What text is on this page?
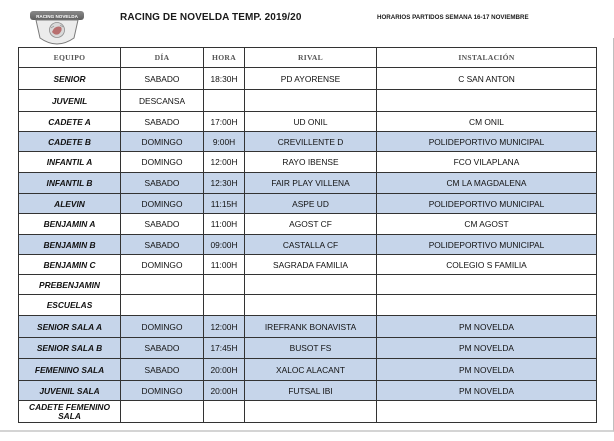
RACING NOVELDA	RACING DE NOVELDA TEMP. 2019/20	HORARIOS PARTIDOS SEMANA 16-17 NOVIEMBRE
EQUIPO	DÍA	HORA	RIVAL	INSTALACIÓN
SENIOR	SABADO	18:30H	PD AYORENSE	C SAN ANTON
JUVENIL	DESCANSA			
CADETE A	SABADO	17:00H	UD ONIL	CM ONIL
CADETE B	DOMINGO	9:00H	CREVILLENTE D	POLIDEPORTIVO MUNICIPAL
INFANTIL A	DOMINGO	12:00H	RAYO IBENSE	FCO VILAPLANA
INFANTIL B	SABADO	12:30H	FAIR PLAY VILLENA	CM LA MAGDALENA
ALEVIN	DOMINGO	11:15H	ASPE UD	POLIDEPORTIVO MUNICIPAL
BENJAMIN A	SABADO	11:00H	AGOST CF	CM AGOST
BENJAMIN B	SABADO	09:00H	CASTALLA CF	POLIDEPORTIVO MUNICIPAL
BENJAMIN C	DOMINGO	11:00H	SAGRADA FAMILIA	COLEGIO S FAMILIA
PREBENJAMIN				
ESCUELAS				
SENIOR SALA A	DOMINGO	12:00H	IREFRANK BONAVISTA	PM NOVELDA
SENIOR SALA B	SABADO	17:45H	BUSOT FS	PM NOVELDA
FEMENINO SALA	SABADO	20:00H	XALOC ALACANT	PM NOVELDA
JUVENIL SALA	DOMINGO	20:00H	FUTSAL IBI	PM NOVELDA
CADETE FEMENINO SALA				
